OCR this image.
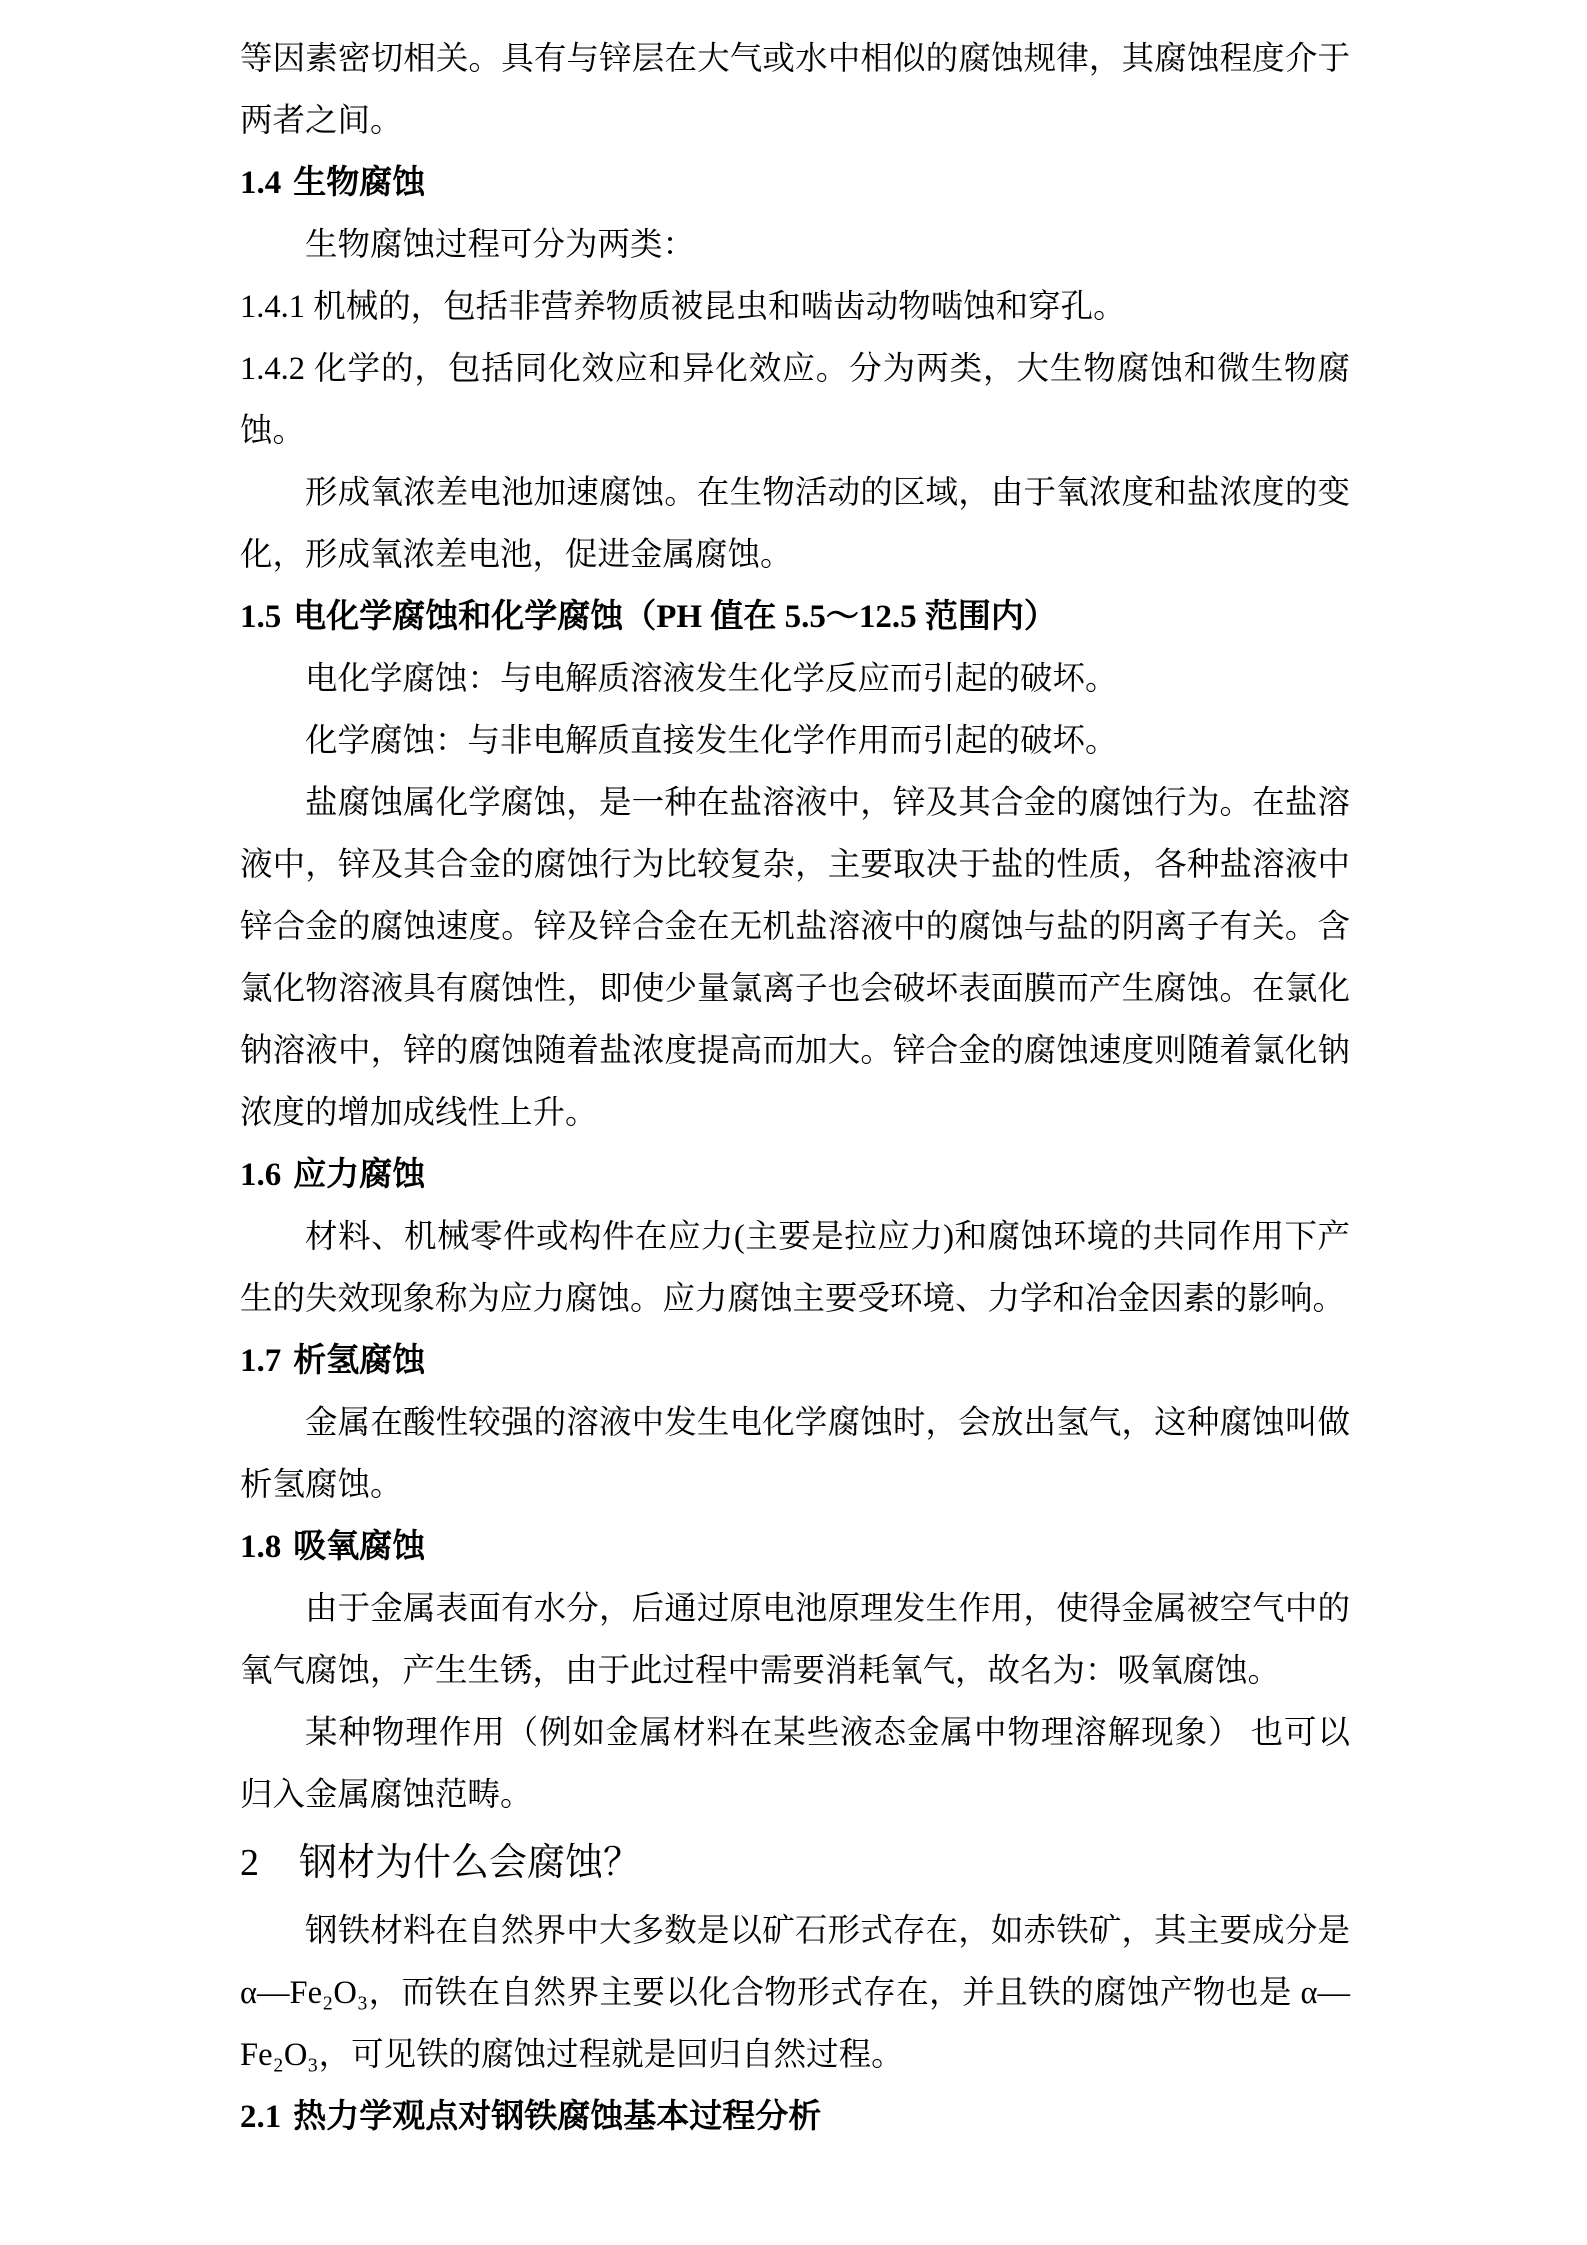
等因素密切相关。具有与锌层在大气或水中相似的腐蚀规律，其腐蚀程度介于两者之间。

1.4 生物腐蚀

生物腐蚀过程可分为两类：

1.4.1 机械的，包括非营养物质被昆虫和啮齿动物啮蚀和穿孔。

1.4.2 化学的，包括同化效应和异化效应。分为两类，大生物腐蚀和微生物腐蚀。

形成氧浓差电池加速腐蚀。在生物活动的区域，由于氧浓度和盐浓度的变化，形成氧浓差电池，促进金属腐蚀。

1.5 电化学腐蚀和化学腐蚀（PH 值在 5.5～12.5 范围内）

电化学腐蚀：与电解质溶液发生化学反应而引起的破坏。

化学腐蚀：与非电解质直接发生化学作用而引起的破坏。

盐腐蚀属化学腐蚀，是一种在盐溶液中，锌及其合金的腐蚀行为。在盐溶液中，锌及其合金的腐蚀行为比较复杂，主要取决于盐的性质，各种盐溶液中锌合金的腐蚀速度。锌及锌合金在无机盐溶液中的腐蚀与盐的阴离子有关。含氯化物溶液具有腐蚀性，即使少量氯离子也会破坏表面膜而产生腐蚀。在氯化钠溶液中，锌的腐蚀随着盐浓度提高而加大。锌合金的腐蚀速度则随着氯化钠浓度的增加成线性上升。

1.6 应力腐蚀

材料、机械零件或构件在应力(主要是拉应力)和腐蚀环境的共同作用下产生的失效现象称为应力腐蚀。应力腐蚀主要受环境、力学和冶金因素的影响。

1.7 析氢腐蚀

金属在酸性较强的溶液中发生电化学腐蚀时，会放出氢气，这种腐蚀叫做析氢腐蚀。

1.8 吸氧腐蚀

由于金属表面有水分，后通过原电池原理发生作用，使得金属被空气中的氧气腐蚀，产生生锈，由于此过程中需要消耗氧气，故名为：吸氧腐蚀。

某种物理作用（例如金属材料在某些液态金属中物理溶解现象） 也可以归入金属腐蚀范畴。

2 钢材为什么会腐蚀？

钢铁材料在自然界中大多数是以矿石形式存在，如赤铁矿，其主要成分是 α—Fe₂O₃，而铁在自然界主要以化合物形式存在，并且铁的腐蚀产物也是 α—Fe₂O₃，可见铁的腐蚀过程就是回归自然过程。

2.1 热力学观点对钢铁腐蚀基本过程分析
